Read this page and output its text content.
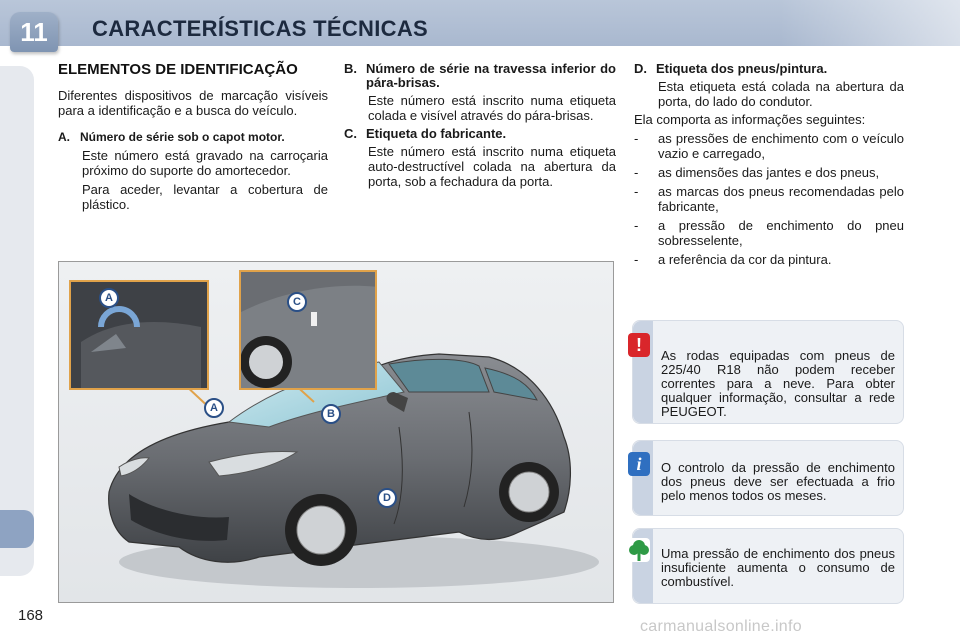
11	CARACTERÍSTICAS TÉCNICAS
168
ELEMENTOS DE IDENTIFICAÇÃO

Diferentes dispositivos de marcação visíveis para a identificação e a busca do veículo.

A. Número de série sob o capot motor.

Este número está gravado na carroçaria próximo do suporte do amortecedor.

Para aceder, levantar a cobertura de plástico.

B. Número de série na travessa inferior do pára-brisas.

Este número está inscrito numa etiqueta colada e visível através do pára-brisas.

C. Etiqueta do fabricante.

Este número está inscrito numa etiqueta auto-destructível colada na abertura da porta, sob a fechadura da porta.

D. Etiqueta dos pneus/pintura.

Esta etiqueta está colada na abertura da porta, do lado do condutor.

Ela comporta as informações seguintes:

-	as pressões de enchimento com o veículo vazio e carregado,
-	as dimensões das jantes e dos pneus,
-	as marcas dos pneus recomendadas pelo fabricante,
-	a pressão de enchimento do pneu sobresselente,
-	a referência da cor da pintura.
A	C
A	B
D
As rodas equipadas com pneus de 225/40 R18 não podem receber correntes para a neve. Para obter qualquer informação, consultar a rede PEUGEOT.
!
O controlo da pressão de enchimento dos pneus deve ser efectuada a frio pelo menos todos os meses.
i
Uma pressão de enchimento dos pneus insuficiente aumenta o consumo de combustível.
carmanualsonline.info
